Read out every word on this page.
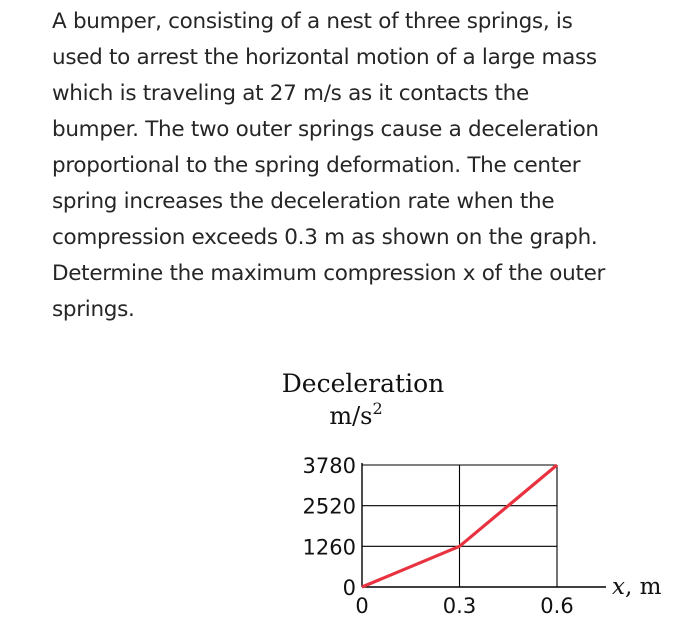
A bumper, consisting of a nest of three springs, is
used to arrest the horizontal motion of a large mass
which is traveling at 27 m/s as it contacts the
bumper. The two outer springs cause a deceleration
proportional to the spring deformation. The center
spring increases the deceleration rate when the
compression exceeds 0.3 m as shown on the graph.
Determine the maximum compression x of the outer
springs.
Deceleration
$m/s^2$
0
1260
2520
3780
0	0.3	0.6
x, m
